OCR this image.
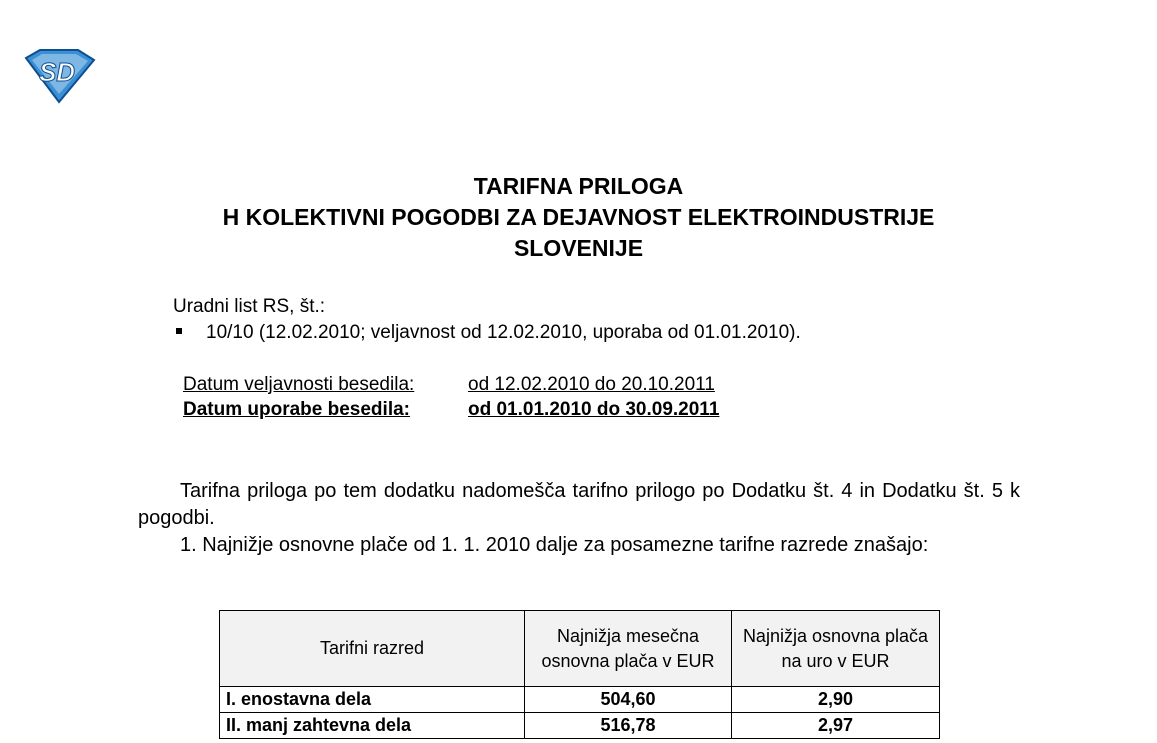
SD
TARIFNA PRILOGA
H KOLEKTIVNI POGODBI ZA DEJAVNOST ELEKTROINDUSTRIJE
SLOVENIJE
Uradni list RS, št.:
10/10 (12.02.2010; veljavnost od 12.02.2010, uporaba od 01.01.2010).
Datum veljavnosti besedila:	od 12.02.2010 do 20.10.2011
Datum uporabe besedila:	od 01.01.2010 do 30.09.2011
Tarifna priloga po tem dodatku nadomešča tarifno prilogo po Dodatku št. 4 in Dodatku št. 5 k pogodbi.
1. Najnižje osnovne plače od 1. 1. 2010 dalje za posamezne tarifne razrede znašajo:
Tarifni razred	Najnižja mesečna osnovna plača v EUR	Najnižja osnovna plača na uro v EUR
I. enostavna dela	504,60	2,90
II. manj zahtevna dela	516,78	2,97
